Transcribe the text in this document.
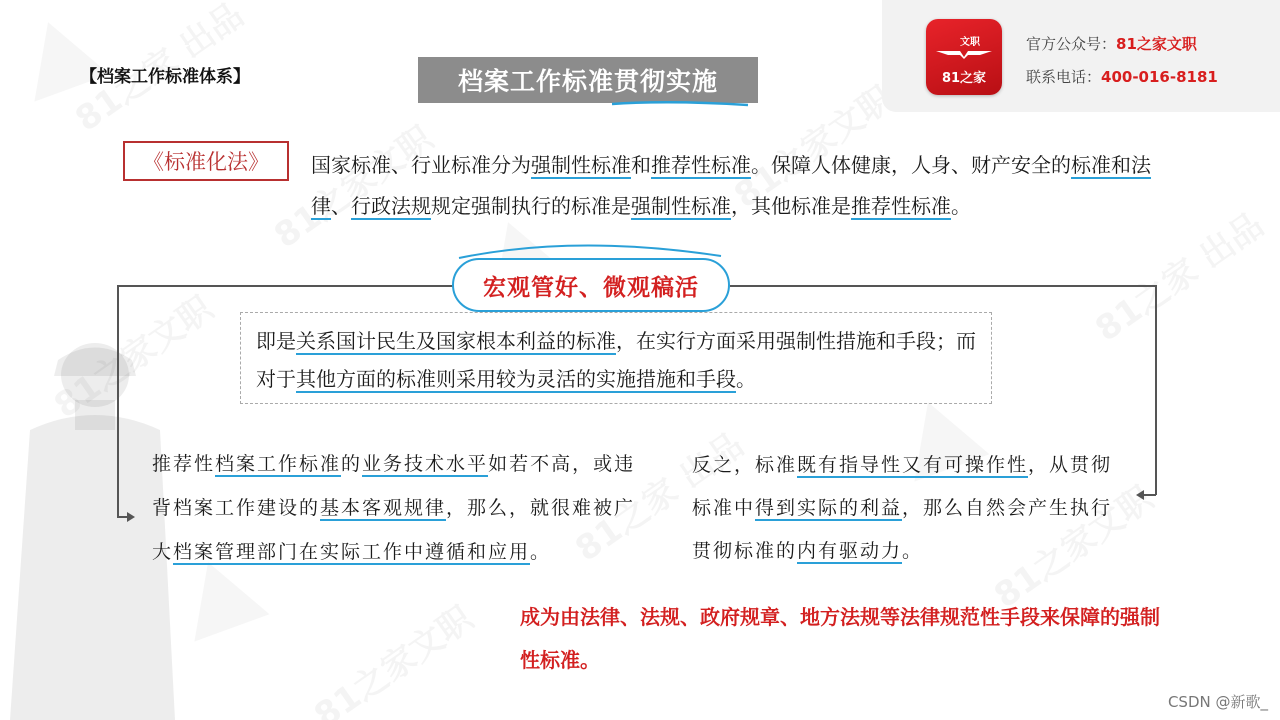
文职
81之家
官方公众号：81之家文职
联系电话：400-016-8181
【档案工作标准体系】	档案工作标准贯彻实施
《标准化法》	国家标准、行业标准分为强制性标准和推荐性标准。保障人体健康，人身、财产安全的标准和法律、行政法规规定强制执行的标准是强制性标准，其他标准是推荐性标准。
即是关系国计民生及国家根本利益的标准，在实行方面采用强制性措施和手段；而对于其他方面的标准则采用较为灵活的实施措施和手段。
宏观管好、微观稿活
推荐性档案工作标准的业务技术水平如若不高，或违背档案工作建设的基本客观规律，那么，就很难被广大档案管理部门在实际工作中遵循和应用。
反之，标准既有指导性又有可操作性，从贯彻标准中得到实际的利益，那么自然会产生执行贯彻标准的内有驱动力。
成为由法律、法规、政府规章、地方法规等法律规范性手段来保障的强制性标准。
CSDN @新歌_
